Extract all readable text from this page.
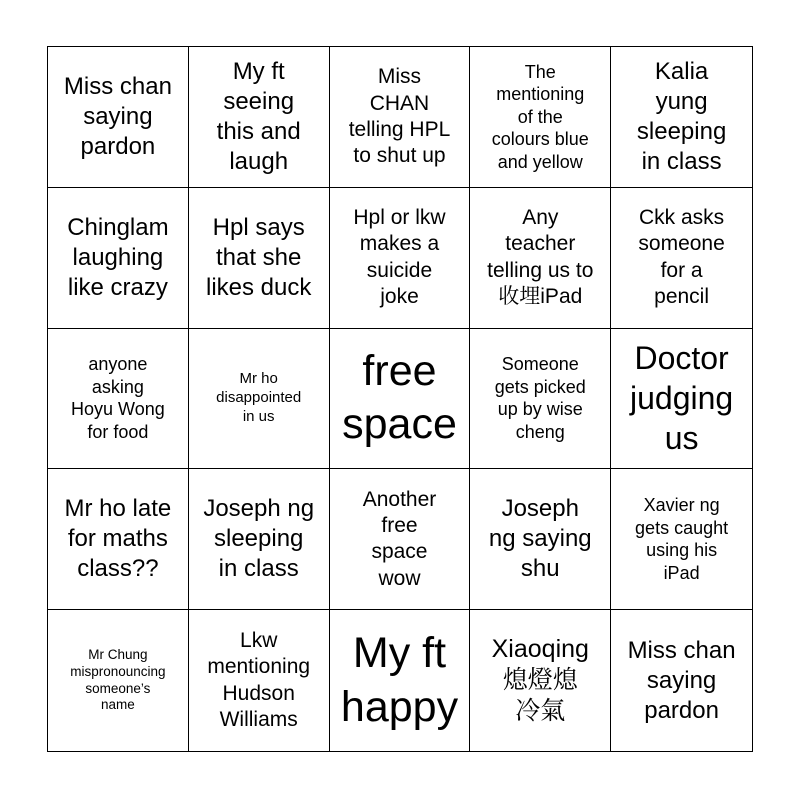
Miss chan
saying
pardon
My ft
seeing
this and
laugh
Miss
CHAN
telling HPL
to shut up
The
mentioning
of the
colours blue
and yellow
Kalia
yung
sleeping
in class
Chinglam
laughing
like crazy
Hpl says
that she
likes duck
Hpl or lkw
makes a
suicide
joke
Any
teacher
telling us to
收埋iPad
Ckk asks
someone
for a
pencil
anyone
asking
Hoyu Wong
for food
Mr ho
disappointed
in us
free
space
Someone
gets picked
up by wise
cheng
Doctor
judging
us
Mr ho late
for maths
class??
Joseph ng
sleeping
in class
Another
free
space
wow
Joseph
ng saying
shu
Xavier ng
gets caught
using his
iPad
Mr Chung
mispronouncing
someone’s
name
Lkw
mentioning
Hudson
Williams
My ft
happy
Xiaoqing
熄燈熄
冷氣
Miss chan
saying
pardon
